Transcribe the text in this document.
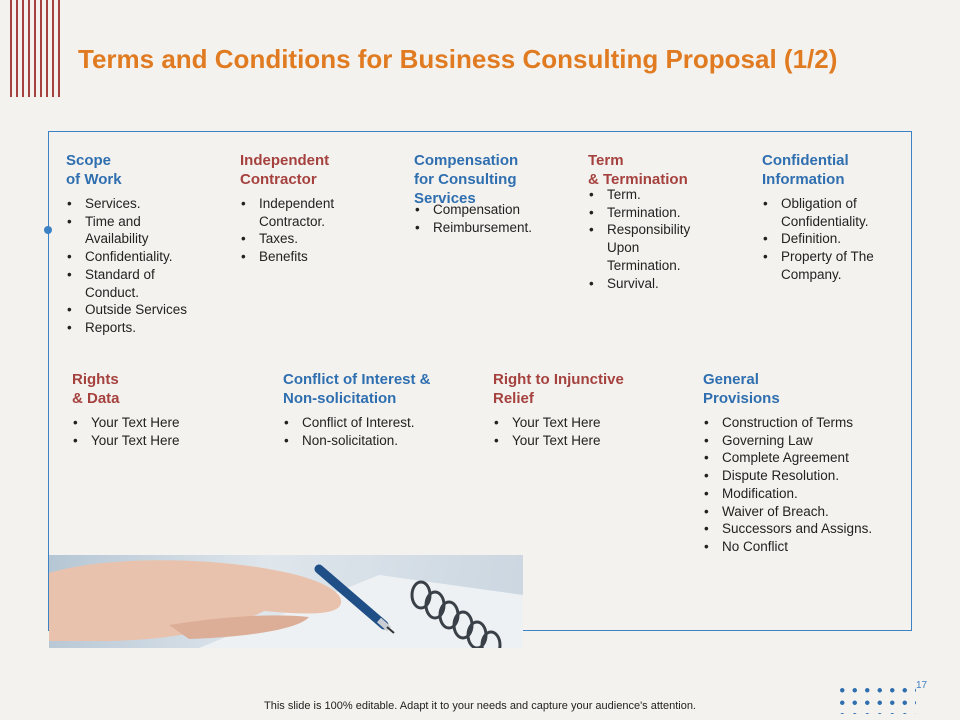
Terms and Conditions for Business Consulting Proposal (1/2)
Scope
of Work
• Services.
• Time and Availability
• Confidentiality.
• Standard of Conduct.
• Outside Services
• Reports.
Independent
Contractor
• Independent Contractor.
• Taxes.
• Benefits
Compensation
for Consulting
Services
• Compensation
• Reimbursement.
Term
& Termination
• Term.
• Termination.
• Responsibility Upon Termination.
• Survival.
Confidential
Information
• Obligation of Confidentiality.
• Definition.
• Property of The Company.
Rights
& Data
• Your Text Here
• Your Text Here
Conflict of Interest &
Non-solicitation
• Conflict of Interest.
• Non-solicitation.
Right to Injunctive
Relief
• Your Text Here
• Your Text Here
General
Provisions
• Construction of Terms
• Governing Law
• Complete Agreement
• Dispute Resolution.
• Modification.
• Waiver of Breach.
• Successors and Assigns.
• No Conflict
17
This slide is 100% editable. Adapt it to your needs and capture your audience's attention.
